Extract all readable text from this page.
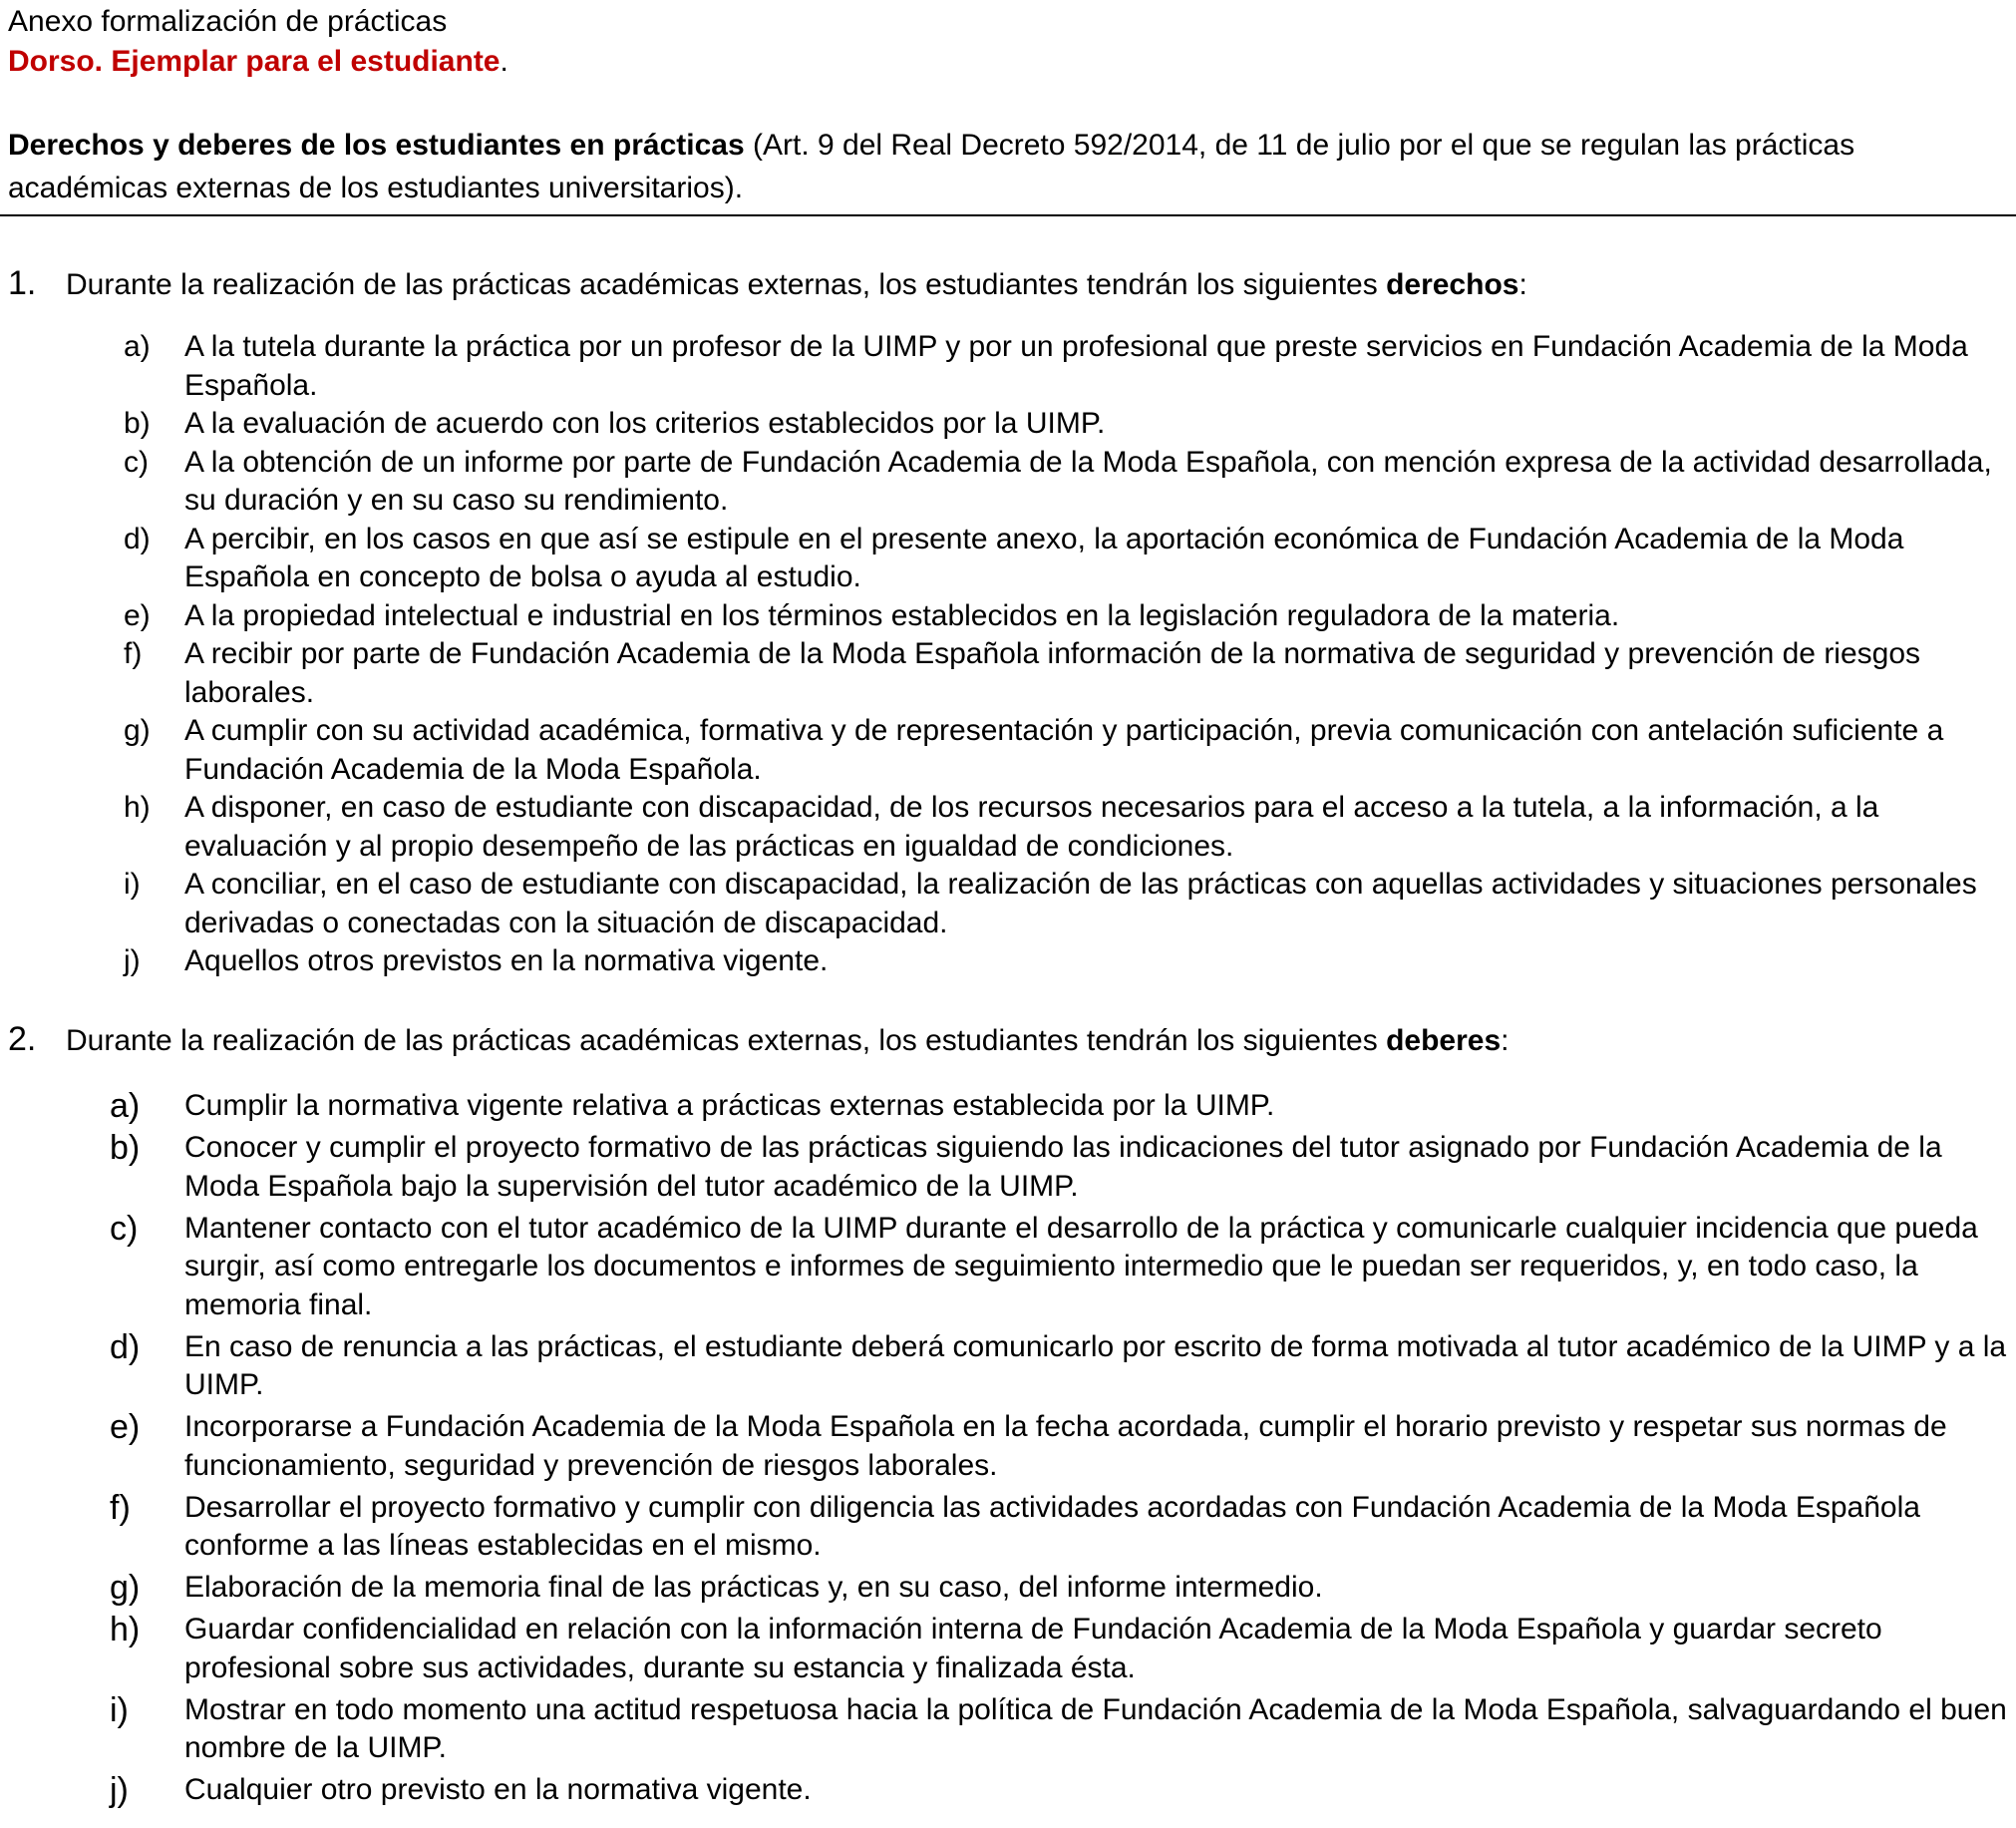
Anexo formalización de prácticas

Dorso. Ejemplar para el estudiante.

Derechos y deberes de los estudiantes en prácticas (Art. 9 del Real Decreto 592/2014, de 11 de julio por el que se regulan las prácticas académicas externas de los estudiantes universitarios).

1. Durante la realización de las prácticas académicas externas, los estudiantes tendrán los siguientes derechos:
a) A la tutela durante la práctica por un profesor de la UIMP y por un profesional que preste servicios en Fundación Academia de la Moda Española.
b) A la evaluación de acuerdo con los criterios establecidos por la UIMP.
c) A la obtención de un informe por parte de Fundación Academia de la Moda Española, con mención expresa de la actividad desarrollada, su duración y en su caso su rendimiento.
d) A percibir, en los casos en que así se estipule en el presente anexo, la aportación económica de Fundación Academia de la Moda Española en concepto de bolsa o ayuda al estudio.
e) A la propiedad intelectual e industrial en los términos establecidos en la legislación reguladora de la materia.
f) A recibir por parte de Fundación Academia de la Moda Española información de la normativa de seguridad y prevención de riesgos laborales.
g) A cumplir con su actividad académica, formativa y de representación y participación, previa comunicación con antelación suficiente a Fundación Academia de la Moda Española.
h) A disponer, en caso de estudiante con discapacidad, de los recursos necesarios para el acceso a la tutela, a la información, a la evaluación y al propio desempeño de las prácticas en igualdad de condiciones.
i) A conciliar, en el caso de estudiante con discapacidad, la realización de las prácticas con aquellas actividades y situaciones personales derivadas o conectadas con la situación de discapacidad.
j) Aquellos otros previstos en la normativa vigente.
2. Durante la realización de las prácticas académicas externas, los estudiantes tendrán los siguientes deberes:
a) Cumplir la normativa vigente relativa a prácticas externas establecida por la UIMP.
b) Conocer y cumplir el proyecto formativo de las prácticas siguiendo las indicaciones del tutor asignado por Fundación Academia de la Moda Española bajo la supervisión del tutor académico de la UIMP.
c) Mantener contacto con el tutor académico de la UIMP durante el desarrollo de la práctica y comunicarle cualquier incidencia que pueda surgir, así como entregarle los documentos e informes de seguimiento intermedio que le puedan ser requeridos, y, en todo caso, la memoria final.
d) En caso de renuncia a las prácticas, el estudiante deberá comunicarlo por escrito de forma motivada al tutor académico de la UIMP y a la UIMP.
e) Incorporarse a Fundación Academia de la Moda Española en la fecha acordada, cumplir el horario previsto y respetar sus normas de funcionamiento, seguridad y prevención de riesgos laborales.
f) Desarrollar el proyecto formativo y cumplir con diligencia las actividades acordadas con Fundación Academia de la Moda Española conforme a las líneas establecidas en el mismo.
g) Elaboración de la memoria final de las prácticas y, en su caso, del informe intermedio.
h) Guardar confidencialidad en relación con la información interna de Fundación Academia de la Moda Española y guardar secreto profesional sobre sus actividades, durante su estancia y finalizada ésta.
i) Mostrar en todo momento una actitud respetuosa hacia la política de Fundación Academia de la Moda Española, salvaguardando el buen nombre de la UIMP.
j) Cualquier otro previsto en la normativa vigente.
